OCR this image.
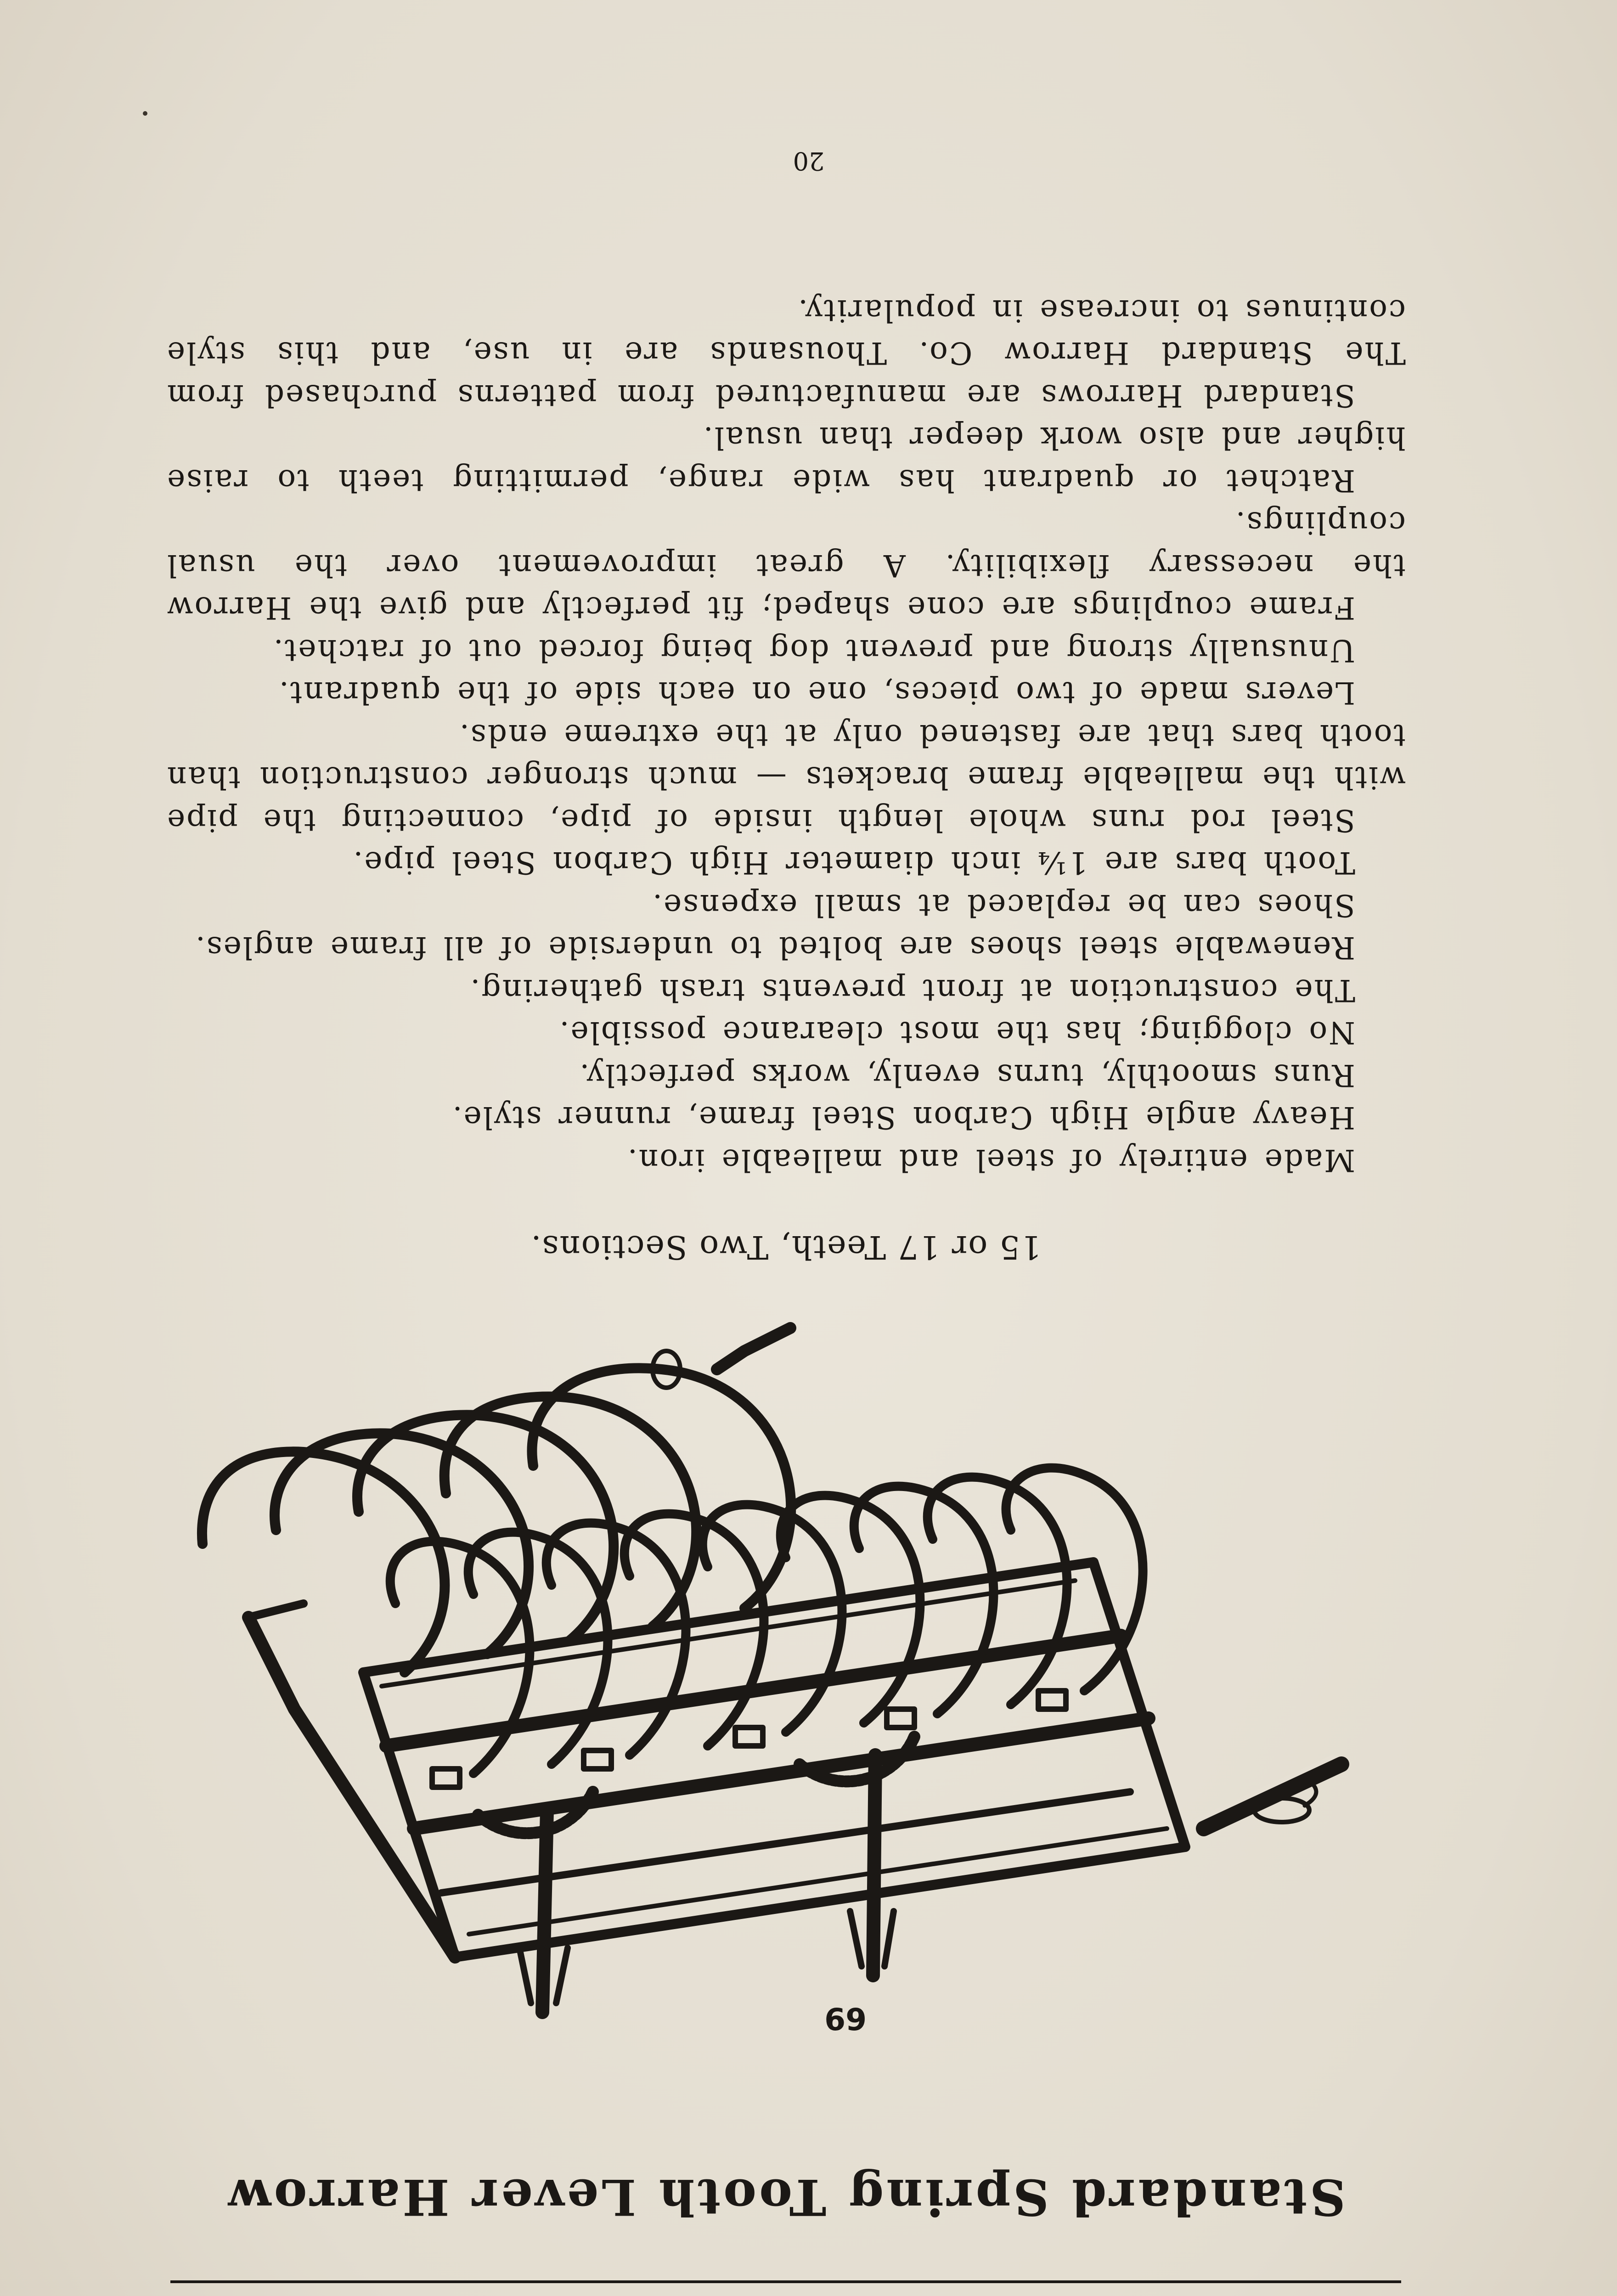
Standard Spring Tooth Lever Harrow
69
15 or 17 Teeth, Two Sections.

Made entirely of steel and malleable iron.

Heavy angle High Carbon Steel frame, runner style.

Runs smoothly, turns evenly, works perfectly.

No clogging; has the most clearance possible.

The construction at front prevents trash gathering.

Renewable steel shoes are bolted to underside of all frame angles.

Shoes can be replaced at small expense.

Tooth bars are 1¼ inch diameter High Carbon Steel pipe.

Steel rod runs whole length inside of pipe, connecting the pipe with the malleable frame brackets — much stronger construction than tooth bars that are fastened only at the extreme ends.

Levers made of two pieces, one on each side of the quadrant.

Unusually strong and prevent dog being forced out of ratchet.

Frame couplings are cone shaped; fit perfectly and give the Harrow the necessary flexibility. A great improvement over the usual couplings.

Ratchet or quadrant has wide range, permitting teeth to raise higher and also work deeper than usual.

Standard Harrows are manufactured from patterns purchased from The Standard Harrow Co. Thousands are in use, and this style continues to increase in popularity.

20
